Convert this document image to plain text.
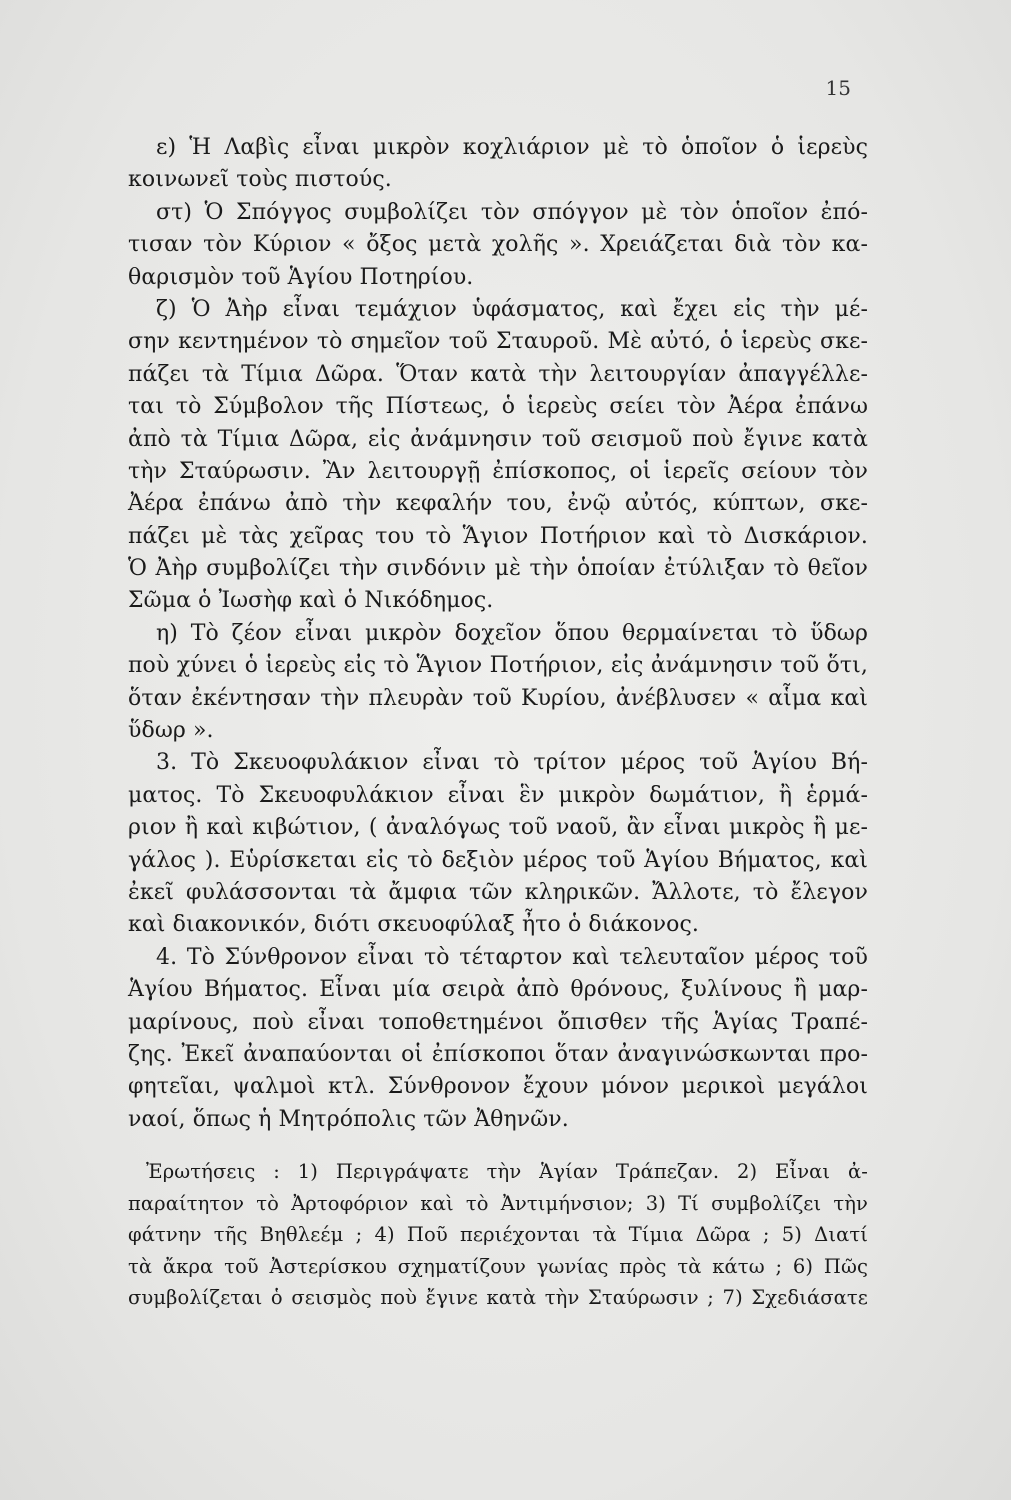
15
ε) Ἡ Λαβὶς εἶναι μικρὸν κοχλιάριον μὲ τὸ ὁποῖον ὁ ἱερεὺς
κοινωνεῖ τοὺς πιστούς.
στ) Ὁ Σπόγγος συμβολίζει τὸν σπόγγον μὲ τὸν ὁποῖον ἐπό-
τισαν τὸν Κύριον « ὄξος μετὰ χολῆς ». Χρειάζεται διὰ τὸν κα-
θαρισμὸν τοῦ Ἁγίου Ποτηρίου.
ζ) Ὁ Ἀὴρ εἶναι τεμάχιον ὑφάσματος, καὶ ἔχει εἰς τὴν μέ-
σην κεντημένον τὸ σημεῖον τοῦ Σταυροῦ. Μὲ αὐτό, ὁ ἱερεὺς σκε-
πάζει τὰ Τίμια Δῶρα. Ὅταν κατὰ τὴν λειτουργίαν ἀπαγγέλλε-
ται τὸ Σύμβολον τῆς Πίστεως, ὁ ἱερεὺς σείει τὸν Ἀέρα ἐπάνω
ἀπὸ τὰ Τίμια Δῶρα, εἰς ἀνάμνησιν τοῦ σεισμοῦ ποὺ ἔγινε κατὰ
τὴν Σταύρωσιν. Ἂν λειτουργῇ ἐπίσκοπος, οἱ ἱερεῖς σείουν τὸν
Ἀέρα ἐπάνω ἀπὸ τὴν κεφαλήν του, ἐνῷ αὐτός, κύπτων, σκε-
πάζει μὲ τὰς χεῖρας του τὸ Ἅγιον Ποτήριον καὶ τὸ Δισκάριον.
Ὁ Ἀὴρ συμβολίζει τὴν σινδόνιν μὲ τὴν ὁποίαν ἐτύλιξαν τὸ θεῖον
Σῶμα ὁ Ἰωσὴφ καὶ ὁ Νικόδημος.
η) Τὸ ζέον εἶναι μικρὸν δοχεῖον ὅπου θερμαίνεται τὸ ὕδωρ
ποὺ χύνει ὁ ἱερεὺς εἰς τὸ Ἅγιον Ποτήριον, εἰς ἀνάμνησιν τοῦ ὅτι,
ὅταν ἐκέντησαν τὴν πλευρὰν τοῦ Κυρίου, ἀνέβλυσεν « αἷμα καὶ
ὕδωρ ».
3. Τὸ Σκευοφυλάκιον εἶναι τὸ τρίτον μέρος τοῦ Ἁγίου Βή-
ματος. Τὸ Σκευοφυλάκιον εἶναι ἓν μικρὸν δωμάτιον, ἢ ἑρμά-
ριον ἢ καὶ κιβώτιον, ( ἀναλόγως τοῦ ναοῦ, ἂν εἶναι μικρὸς ἢ με-
γάλος ). Εὑρίσκεται εἰς τὸ δεξιὸν μέρος τοῦ Ἁγίου Βήματος, καὶ
ἐκεῖ φυλάσσονται τὰ ἄμφια τῶν κληρικῶν. Ἄλλοτε, τὸ ἔλεγον
καὶ διακονικόν, διότι σκευοφύλαξ ἦτο ὁ διάκονος.
4. Τὸ Σύνθρονον εἶναι τὸ τέταρτον καὶ τελευταῖον μέρος τοῦ
Ἁγίου Βήματος. Εἶναι μία σειρὰ ἀπὸ θρόνους, ξυλίνους ἢ μαρ-
μαρίνους, ποὺ εἶναι τοποθετημένοι ὄπισθεν τῆς Ἁγίας Τραπέ-
ζης. Ἐκεῖ ἀναπαύονται οἱ ἐπίσκοποι ὅταν ἀναγινώσκωνται προ-
φητεῖαι, ψαλμοὶ κτλ. Σύνθρονον ἔχουν μόνον μερικοὶ μεγάλοι
ναοί, ὅπως ἡ Μητρόπολις τῶν Ἀθηνῶν.
Ἐρωτήσεις : 1) Περιγράψατε τὴν Ἁγίαν Τράπεζαν. 2) Εἶναι ἀ-
παραίτητον τὸ Ἀρτοφόριον καὶ τὸ Ἀντιμήνσιον; 3) Τί συμβολίζει τὴν
φάτνην τῆς Βηθλεέμ ; 4) Ποῦ περιέχονται τὰ Τίμια Δῶρα ; 5) Διατί
τὰ ἄκρα τοῦ Ἀστερίσκου σχηματίζουν γωνίας πρὸς τὰ κάτω ; 6) Πῶς
συμβολίζεται ὁ σεισμὸς ποὺ ἔγινε κατὰ τὴν Σταύρωσιν ; 7) Σχεδιάσατε
